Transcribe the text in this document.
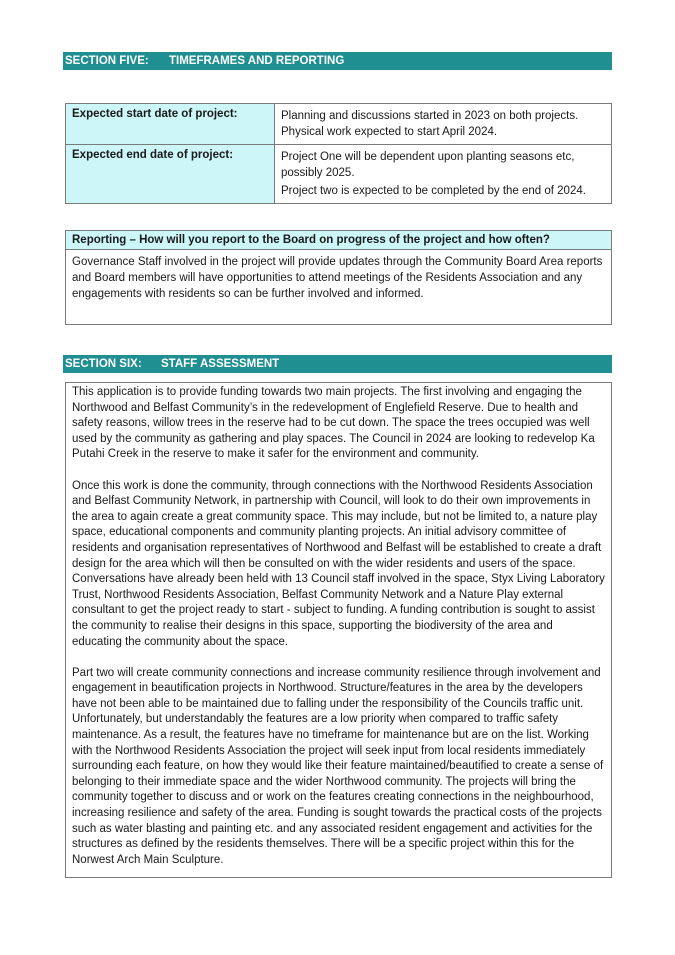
SECTION FIVE: TIMEFRAMES AND REPORTING
Expected start date of project:	Planning and discussions started in 2023 on both projects. Physical work expected to start April 2024.

Expected end date of project:	Project One will be dependent upon planting seasons etc, possibly 2025.

Project two is expected to be completed by the end of 2024.

Reporting – How will you report to the Board on progress of the project and how often?
Governance Staff involved in the project will provide updates through the Community Board Area reports and Board members will have opportunities to attend meetings of the Residents Association and any engagements with residents so can be further involved and informed.
SECTION SIX: STAFF ASSESSMENT

This application is to provide funding towards two main projects. The first involving and engaging the Northwood and Belfast Community’s in the redevelopment of Englefield Reserve. Due to health and safety reasons, willow trees in the reserve had to be cut down. The space the trees occupied was well used by the community as gathering and play spaces. The Council in 2024 are looking to redevelop Ka Putahi Creek in the reserve to make it safer for the environment and community.

Once this work is done the community, through connections with the Northwood Residents Association and Belfast Community Network, in partnership with Council, will look to do their own improvements in the area to again create a great community space. This may include, but not be limited to, a nature play space, educational components and community planting projects. An initial advisory committee of residents and organisation representatives of Northwood and Belfast will be established to create a draft design for the area which will then be consulted on with the wider residents and users of the space. Conversations have already been held with 13 Council staff involved in the space, Styx Living Laboratory Trust, Northwood Residents Association, Belfast Community Network and a Nature Play external consultant to get the project ready to start - subject to funding. A funding contribution is sought to assist the community to realise their designs in this space, supporting the biodiversity of the area and educating the community about the space.

Part two will create community connections and increase community resilience through involvement and engagement in beautification projects in Northwood. Structure/features in the area by the developers have not been able to be maintained due to falling under the responsibility of the Councils traffic unit. Unfortunately, but understandably the features are a low priority when compared to traffic safety maintenance. As a result, the features have no timeframe for maintenance but are on the list. Working with the Northwood Residents Association the project will seek input from local residents immediately surrounding each feature, on how they would like their feature maintained/beautified to create a sense of belonging to their immediate space and the wider Northwood community. The projects will bring the community together to discuss and or work on the features creating connections in the neighbourhood, increasing resilience and safety of the area. Funding is sought towards the practical costs of the projects such as water blasting and painting etc. and any associated resident engagement and activities for the structures as defined by the residents themselves. There will be a specific project within this for the Norwest Arch Main Sculpture.
